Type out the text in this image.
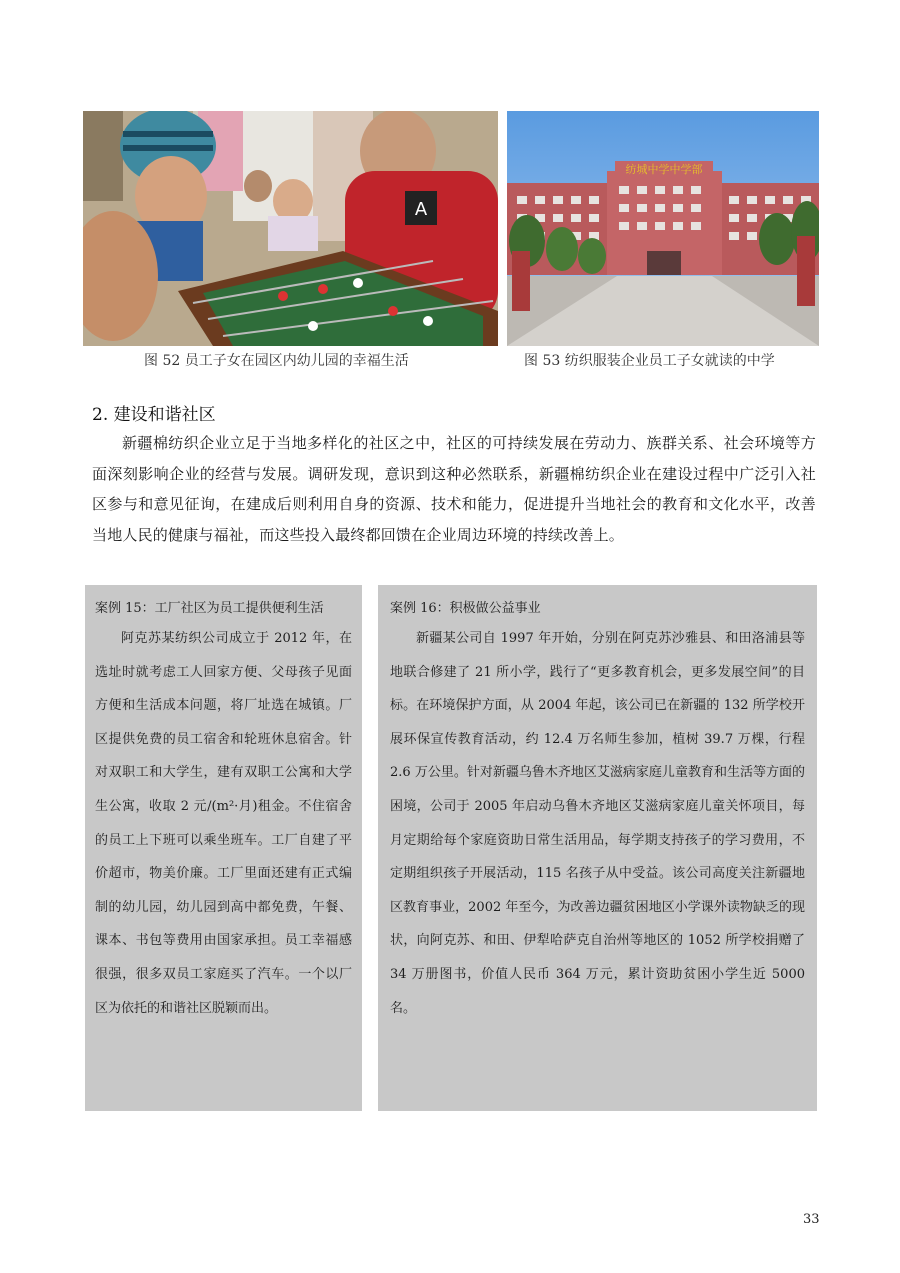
A
纺城中学中学部
图 52 员工子女在园区内幼儿园的幸福生活	图 53 纺织服装企业员工子女就读的中学
2. 建设和谐社区
新疆棉纺织企业立足于当地多样化的社区之中，社区的可持续发展在劳动力、族群关系、社会环境等方面深刻影响企业的经营与发展。调研发现，意识到这种必然联系，新疆棉纺织企业在建设过程中广泛引入社区参与和意见征询，在建成后则利用自身的资源、技术和能力，促进提升当地社会的教育和文化水平，改善当地人民的健康与福祉，而这些投入最终都回馈在企业周边环境的持续改善上。
案例 15：工厂社区为员工提供便利生活
阿克苏某纺织公司成立于 2012 年，在选址时就考虑工人回家方便、父母孩子见面方便和生活成本问题，将厂址选在城镇。厂区提供免费的员工宿舍和轮班休息宿舍。针对双职工和大学生，建有双职工公寓和大学生公寓，收取 2 元/(m²·月)租金。不住宿舍的员工上下班可以乘坐班车。工厂自建了平价超市，物美价廉。工厂里面还建有正式编制的幼儿园，幼儿园到高中都免费，午餐、课本、书包等费用由国家承担。员工幸福感很强，很多双员工家庭买了汽车。一个以厂区为依托的和谐社区脱颖而出。
案例 16：积极做公益事业
新疆某公司自 1997 年开始，分别在阿克苏沙雅县、和田洛浦县等地联合修建了 21 所小学，践行了“更多教育机会，更多发展空间”的目标。在环境保护方面，从 2004 年起，该公司已在新疆的 132 所学校开展环保宣传教育活动，约 12.4 万名师生参加，植树 39.7 万棵，行程 2.6 万公里。针对新疆乌鲁木齐地区艾滋病家庭儿童教育和生活等方面的困境，公司于 2005 年启动乌鲁木齐地区艾滋病家庭儿童关怀项目，每月定期给每个家庭资助日常生活用品，每学期支持孩子的学习费用，不定期组织孩子开展活动，115 名孩子从中受益。该公司高度关注新疆地区教育事业，2002 年至今，为改善边疆贫困地区小学课外读物缺乏的现状，向阿克苏、和田、伊犁哈萨克自治州等地区的 1052 所学校捐赠了 34 万册图书，价值人民币 364 万元，累计资助贫困小学生近 5000 名。
33
